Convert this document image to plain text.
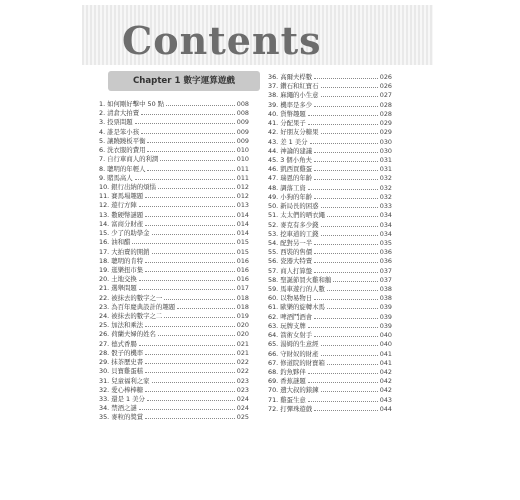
Contents
Chapter 1 數字運算遊戲
1. 如何剛好擊中 50 點	008
2. 清倉大拍賣	008
3. 投票問題	009
4. 誰是笨小孩	009
5. 讓蹺蹺板平衡	009
6. 洗衣服的費用	010
7. 自行車商人的利潤	010
8. 聰明的年輕人	011
9. 賭馬高人	011
10. 銀行出納的煩惱	012
11. 賽馬場趣題	012
12. 遊行方陣	013
13. 數硬幣謎題	014
14. 富商分財產	014
15. 少了的助學金	014
16. 油和醋	015
17. 大拍賣的開銷	015
18. 聰明的肯特	016
19. 逛樂扭市集	016
20. 土地交換	016
21. 選舉問題	017
22. 被抹去的數字之一	018
23. 為百年慶典設計的趣題	018
24. 被抹去的數字之二	019
25. 加法和乘法	020
26. 荷蘭夫婦的姓名	020
27. 德式香腸	021
28. 骰子的機率	021
29. 抹茶歷史書	022
30. 貝寶雞蛋糕	022
31. 兒童福利之家	023
32. 愛心棒棒糖	023
33. 還是 1 美分	024
34. 禁酒之謎	024
35. 麥粒的獎賞	025
36. 高爾夫桿數	026
37. 鑽石和紅寶石	026
38. 麻繩的小生意	027
39. 機率是多少	028
40. 貨幣趣題	028
41. 分配果子	029
42. 好朋友分糖果	029
43. 差 1 美分	030
44. 神論的建議	030
45. 3 個小角夫	031
46. 凱西買雞蛋	031
47. 瑞恩的年齡	032
48. 調落工資	032
49. 小狗的年齡	032
50. 新局長的困惑	033
51. 太太們的晒衣繩	034
52. 麥克有多少錢	034
53. 挖車道的工錢	034
54. 配對另一半	035
55. 西裝的售價	036
56. 瓷器大特賣	036
57. 商人打算盤	037
58. 聖誕節買火雞和鵝	037
59. 馬車遊行的人數	038
60. 以物易物日	038
61. 歐樂的旋轉木馬	039
62. 啤酒鬥酒會	039
63. 玩牌支牌	039
64. 箭術女射手	040
65. 湯姆的生意經	040
66. 守財奴的財產	041
67. 修道院的財寶箱	041
68. 釣魚夥伴	042
69. 香蕉謎題	042
70. 遺大叔的錶鍊	042
71. 雞蛋生意	043
72. 打彈珠遊戲	044
